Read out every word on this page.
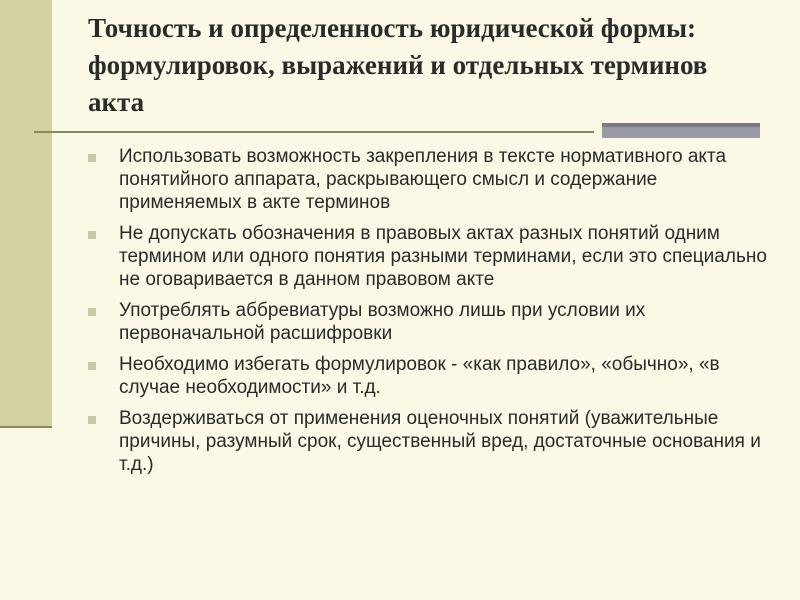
Точность и определенность юридической формы: формулировок, выражений и отдельных терминов акта
Использовать возможность закрепления в тексте нормативного акта понятийного аппарата, раскрывающего смысл и содержание применяемых в акте терминов
Не допускать обозначения в правовых актах разных понятий одним термином или одного понятия разными терминами, если это специально не оговаривается в данном правовом акте
Употреблять аббревиатуры возможно лишь при условии их первоначальной расшифровки
Необходимо избегать формулировок - «как правило», «обычно», «в случае необходимости» и т.д.
Воздерживаться от применения оценочных понятий (уважительные причины, разумный срок, существенный вред, достаточные основания и т.д.)
